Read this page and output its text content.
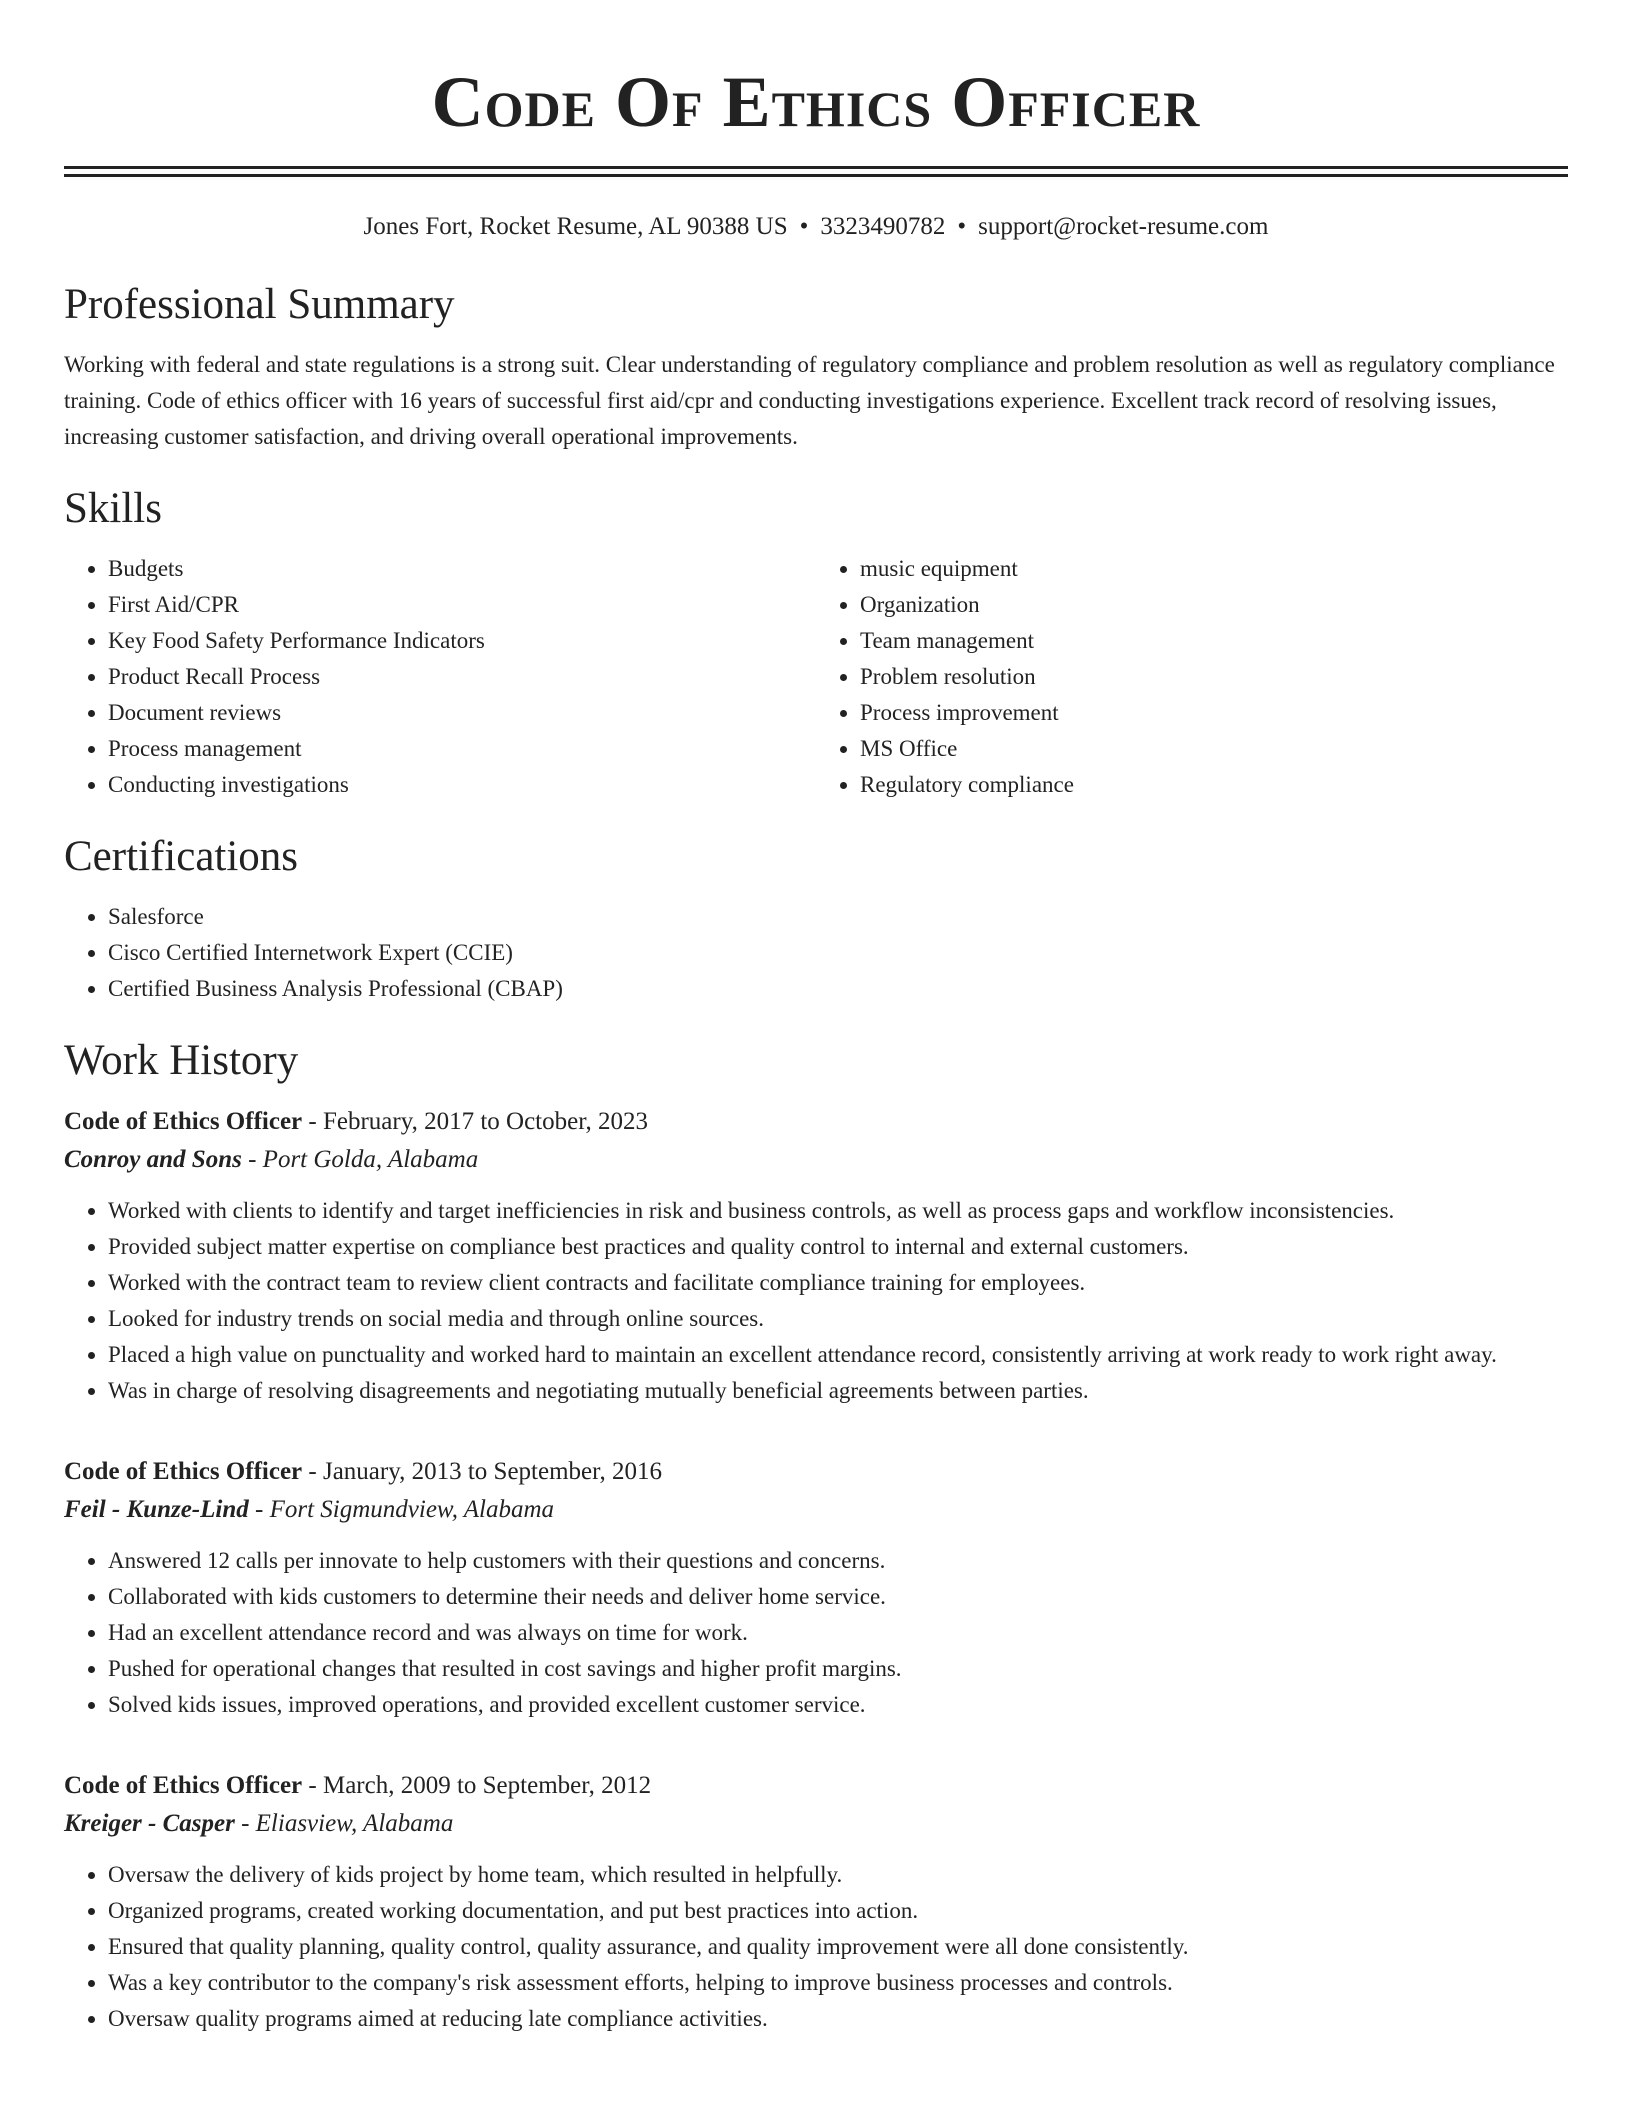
Code Of Ethics Officer
Jones Fort, Rocket Resume, AL 90388 US • 3323490782 • support@rocket-resume.com
Professional Summary

Working with federal and state regulations is a strong suit. Clear understanding of regulatory compliance and problem resolution as well as regulatory compliance training. Code of ethics officer with 16 years of successful first aid/cpr and conducting investigations experience. Excellent track record of resolving issues, increasing customer satisfaction, and driving overall operational improvements.

Skills
• Budgets
• First Aid/CPR
• Key Food Safety Performance Indicators
• Product Recall Process
• Document reviews
• Process management
• Conducting investigations
• music equipment
• Organization
• Team management
• Problem resolution
• Process improvement
• MS Office
• Regulatory compliance
Certifications
• Salesforce
• Cisco Certified Internetwork Expert (CCIE)
• Certified Business Analysis Professional (CBAP)
Work History
Code of Ethics Officer - February, 2017 to October, 2023
Conroy and Sons - Port Golda, Alabama
• Worked with clients to identify and target inefficiencies in risk and business controls, as well as process gaps and workflow inconsistencies.
• Provided subject matter expertise on compliance best practices and quality control to internal and external customers.
• Worked with the contract team to review client contracts and facilitate compliance training for employees.
• Looked for industry trends on social media and through online sources.
• Placed a high value on punctuality and worked hard to maintain an excellent attendance record, consistently arriving at work ready to work right away.
• Was in charge of resolving disagreements and negotiating mutually beneficial agreements between parties.
Code of Ethics Officer - January, 2013 to September, 2016
Feil - Kunze-Lind - Fort Sigmundview, Alabama
• Answered 12 calls per innovate to help customers with their questions and concerns.
• Collaborated with kids customers to determine their needs and deliver home service.
• Had an excellent attendance record and was always on time for work.
• Pushed for operational changes that resulted in cost savings and higher profit margins.
• Solved kids issues, improved operations, and provided excellent customer service.
Code of Ethics Officer - March, 2009 to September, 2012
Kreiger - Casper - Eliasview, Alabama
• Oversaw the delivery of kids project by home team, which resulted in helpfully.
• Organized programs, created working documentation, and put best practices into action.
• Ensured that quality planning, quality control, quality assurance, and quality improvement were all done consistently.
• Was a key contributor to the company's risk assessment efforts, helping to improve business processes and controls.
• Oversaw quality programs aimed at reducing late compliance activities.
